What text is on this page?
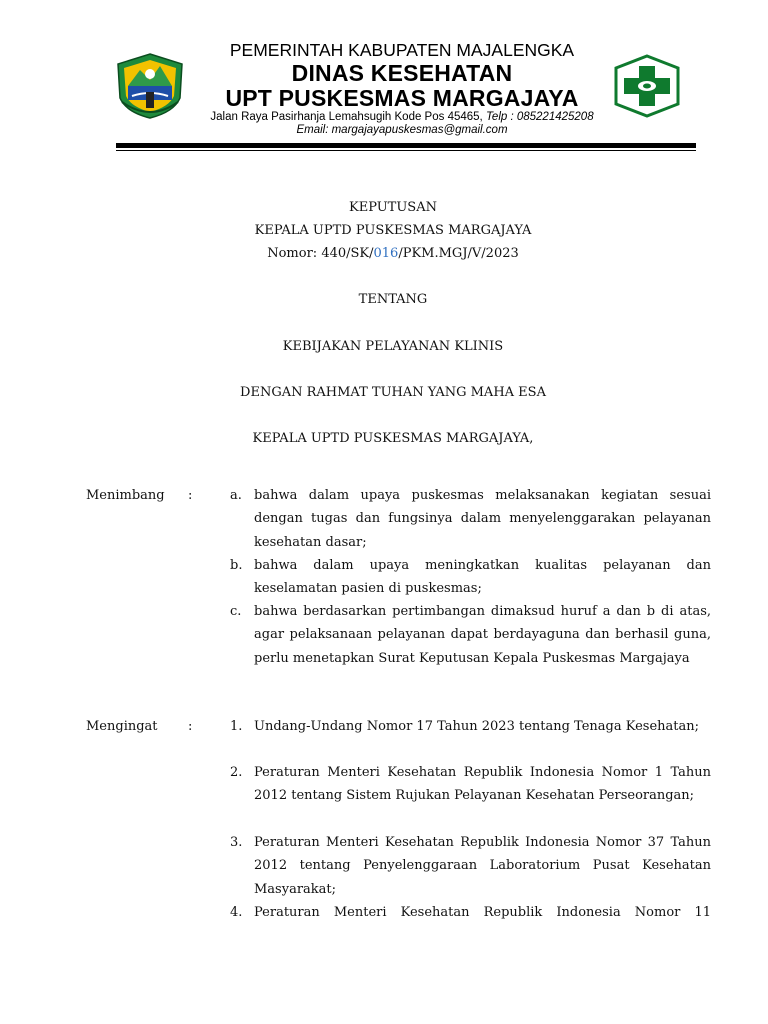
PEMERINTAH KABUPATEN MAJALENGKA
DINAS KESEHATAN
UPT PUSKESMAS MARGAJAYA
Jalan Raya Pasirhanja Lemahsugih Kode Pos 45465, Telp : 085221425208
Email: margajayapuskesmas@gmail.com
KEPUTUSAN
KEPALA UPTD PUSKESMAS MARGAJAYA
Nomor: 440/SK/016/PKM.MGJ/V/2023
TENTANG
KEBIJAKAN PELAYANAN KLINIS
DENGAN RAHMAT TUHAN YANG MAHA ESA
KEPALA UPTD PUSKESMAS MARGAJAYA,
Menimbang :	a. bahwa dalam upaya puskesmas melaksanakan kegiatan sesuai dengan tugas dan fungsinya dalam menyelenggarakan pelayanan kesehatan dasar;
b. bahwa dalam upaya meningkatkan kualitas pelayanan dan keselamatan pasien di puskesmas;
c. bahwa berdasarkan pertimbangan dimaksud huruf a dan b di atas, agar pelaksanaan pelayanan dapat berdayaguna dan berhasil guna, perlu menetapkan Surat Keputusan Kepala Puskesmas Margajaya
Mengingat :	1. Undang-Undang Nomor 17 Tahun 2023 tentang Tenaga Kesehatan;
2. Peraturan Menteri Kesehatan Republik Indonesia Nomor 1 Tahun 2012 tentang Sistem Rujukan Pelayanan Kesehatan Perseorangan;
3. Peraturan Menteri Kesehatan Republik Indonesia Nomor 37 Tahun 2012 tentang Penyelenggaraan Laboratorium Pusat Kesehatan Masyarakat;
4. Peraturan Menteri Kesehatan Republik Indonesia Nomor 11
